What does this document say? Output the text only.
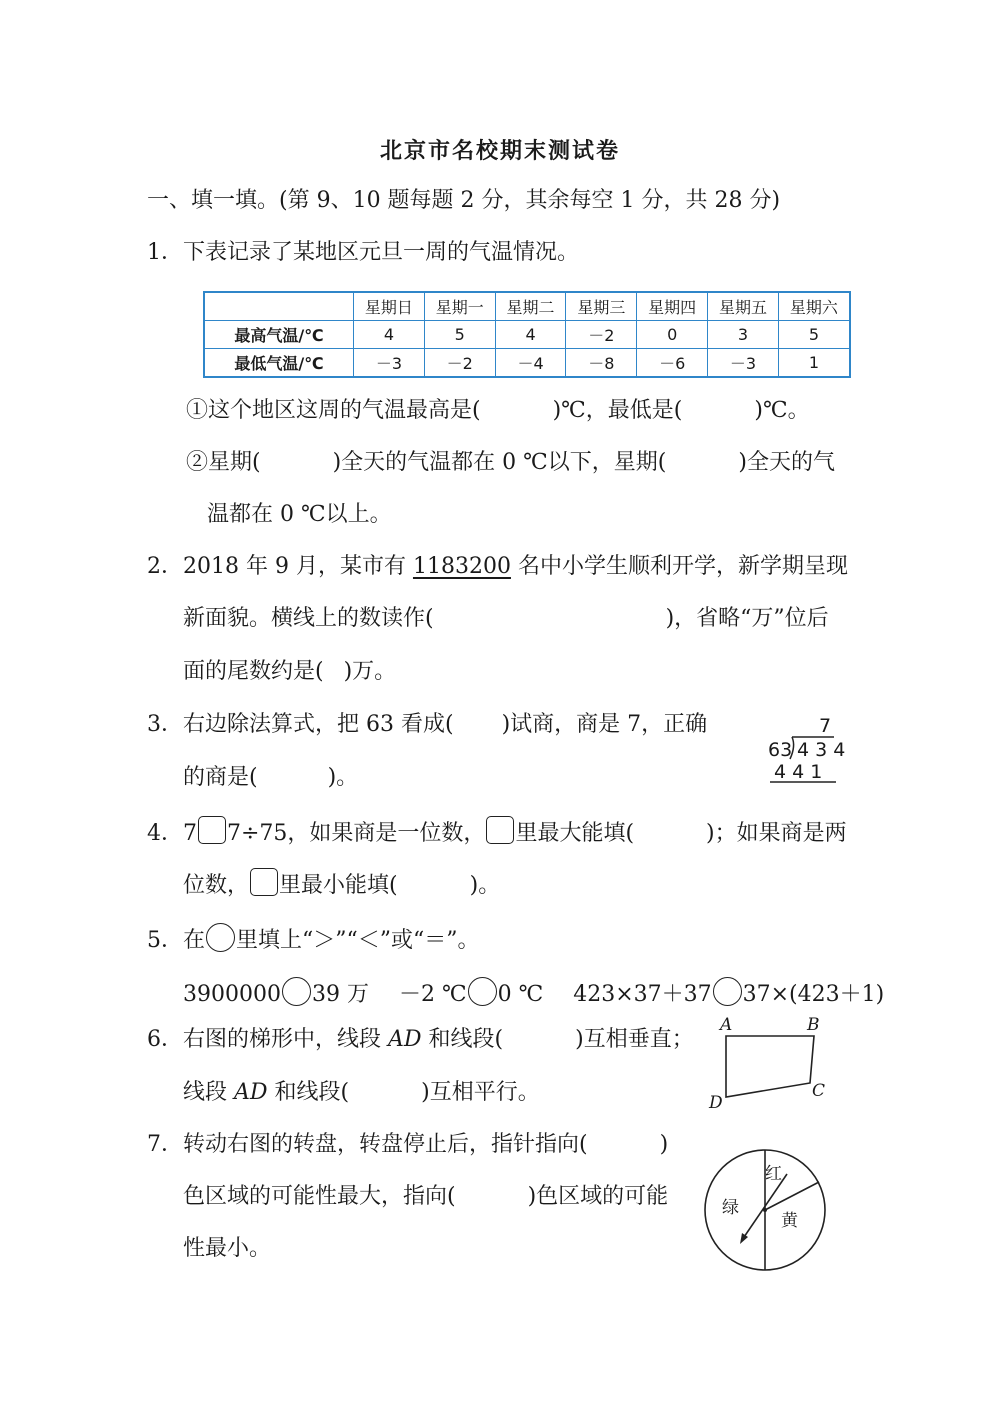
北京市名校期末测试卷
一、填一填。(第 9、10 题每题 2 分，其余每空 1 分，共 28 分)
1．下表记录了某地区元旦一周的气温情况。
	星期日	星期一	星期二	星期三	星期四	星期五	星期六
最高气温/℃	4	5	4	－2	0	3	5
最低气温/℃	－3	－2	－4	－8	－6	－3	1
①这个地区这周的气温最高是(	)℃，最低是(	)℃。
②星期(	)全天的气温都在 0 ℃以下，星期(	)全天的气
温都在 0 ℃以上。
2．2018 年 9 月，某市有 1183200 名中小学生顺利开学，新学期呈现
新面貌。横线上的数读作(	)，省略“万”位后
面的尾数约是( )万。
3．右边除法算式，把 63 看成( )试商，商是 7，正确
的商是(	)。
7
63 4 3 4
4 4 1
4．7 7÷75，如果商是一位数， 里最大能填(	)；如果商是两
位数， 里最小能填(	)。
5．在 里填上“＞”“＜”或“＝”。
3900000 39 万 －2 ℃ 0 ℃ 423×37＋37 37×(423＋1)
6．右图的梯形中，线段 AD 和线段(	)互相垂直；
线段 AD 和线段(	)互相平行。
A	B
C
D
7．转动右图的转盘，转盘停止后，指针指向(	)
色区域的可能性最大，指向(	)色区域的可能
性最小。
红
绿
黄
